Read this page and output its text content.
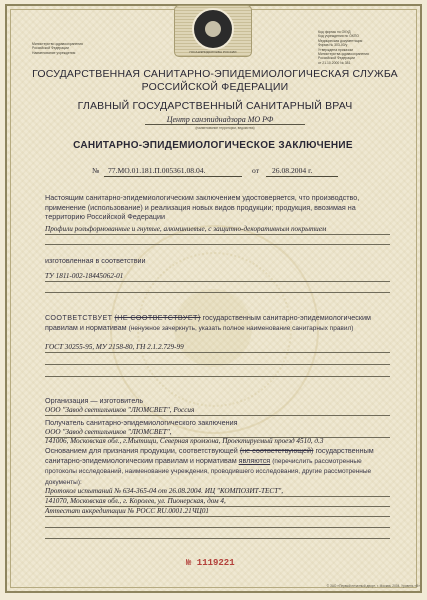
ГОСАНЭПИДСЛУЖБА РОССИИ
Министерство здравоохранения
Российской Федерации
Наименование учреждения
Код формы по ОКУД
Код учреждения по ОКПО
Медицинская документация
Форма № 303-00/у
Утверждена приказом
Министерства здравоохранения
Российской Федерации
от 21.10.2000 № 381
ГОСУДАРСТВЕННАЯ САНИТАРНО-ЭПИДЕМИОЛОГИЧЕСКАЯ СЛУЖБА
РОССИЙСКОЙ ФЕДЕРАЦИИ
ГЛАВНЫЙ ГОСУДАРСТВЕННЫЙ САНИТАРНЫЙ ВРАЧ
Центр санэпиднадзора МО РФ
(наименование территории, ведомства)
САНИТАРНО-ЭПИДЕМИОЛОГИЧЕСКОЕ ЗАКЛЮЧЕНИЕ
№ 77.МО.01.181.П.005361.08.04.	от 26.08.2004 г.
Настоящим санитарно-эпидемиологическим заключением удостоверяется, что производство, применение (использование) и реализация новых видов продукции; продукция, ввозимая на территорию Российской Федерации
Профили рольформованные и гнутые, алюминиевые, с защитно-декоративным покрытием
изготовленная в соответствии
ТУ 1811-002-18445062-01
СООТВЕТСТВУЕТ (НЕ СООТВЕТСТВУЕТ) государственным санитарно-эпидемиологическим правилам и нормативам (ненужное зачеркнуть, указать полное наименование санитарных правил)
ГОСТ 30255-95, МУ 2158-80, ГН 2.1.2.729-99
Организация — изготовитель
ООО "Завод светильников "ЛЮМСВЕТ", Россия
Получатель санитарно-эпидемиологического заключения
ООО "Завод светильников "ЛЮМСВЕТ",
141006, Московская обл., г.Мытищи, Северная промзона, Проектируемый проезд 4510, д.3
Основанием для признания продукции, соответствующей (не соответствующей) государственным санитарно-эпидемиологическим правилам и нормативам являются (перечислить рассмотренные протоколы исследований, наименование учреждения, проводившего исследования, другие рассмотренные документы):
Протокол испытаний № 634-365-04 от 26.08.2004. ИЦ "КОМПОЗИТ-ТЕСТ",
141070, Московская обл., г. Королев, ул. Пионерская, дом 4,
Аттестат аккредитации № РОСС RU.0001.21ЧЦ01
№ 1119221
© ЗАО «Первый печатный двор», г. Москва, 2004. Уровень «В»
